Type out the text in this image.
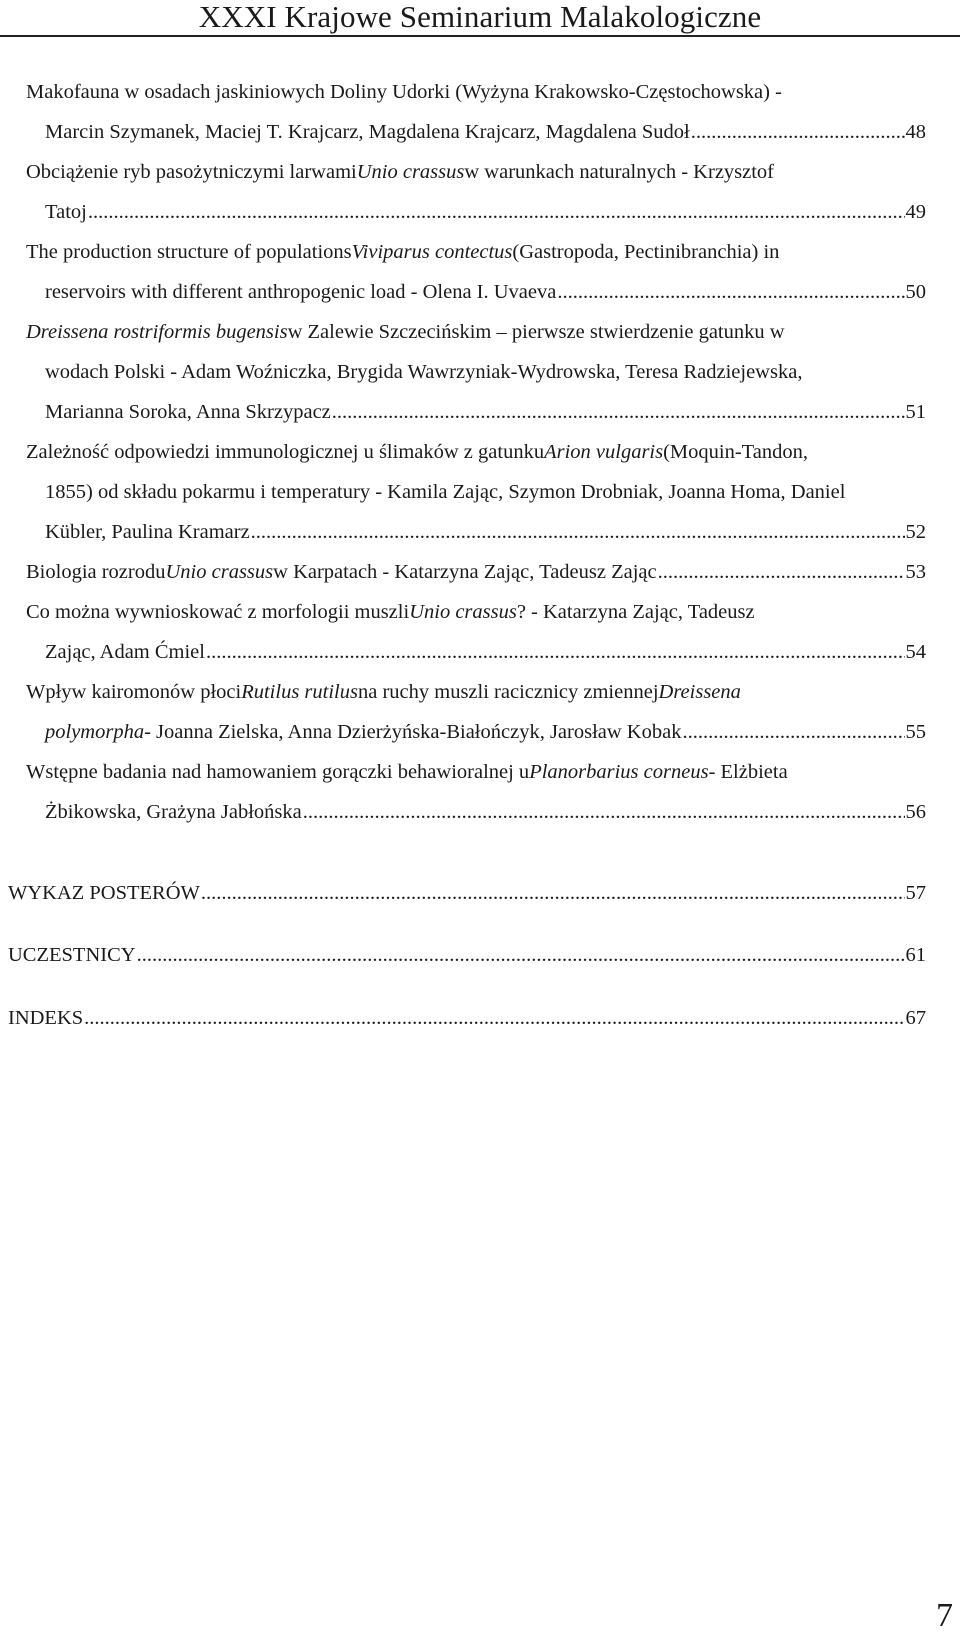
XXXI Krajowe Seminarium Malakologiczne
Makofauna w osadach jaskiniowych Doliny Udorki (Wyżyna Krakowsko-Częstochowska) -
Marcin Szymanek, Maciej T. Krajcarz, Magdalena Krajcarz, Magdalena Sudoł .....	48
Obciążenie ryb pasożytniczymi larwami Unio crassus w warunkach naturalnych - Krzysztof
Tatoj .....	49
The production structure of populations Viviparus contectus (Gastropoda, Pectinibranchia) in
reservoirs with different anthropogenic load - Olena I. Uvaeva .....	50
Dreissena rostriformis bugensis w Zalewie Szczecińskim – pierwsze stwierdzenie gatunku w
wodach Polski - Adam Woźniczka, Brygida Wawrzyniak-Wydrowska, Teresa Radziejewska,
Marianna Soroka, Anna Skrzypacz .....	51
Zależność odpowiedzi immunologicznej u ślimaków z gatunku Arion vulgaris (Moquin-Tandon,
1855) od składu pokarmu i temperatury - Kamila Zając, Szymon Drobniak, Joanna Homa, Daniel
Kübler, Paulina Kramarz .....	52
Biologia rozrodu Unio crassus w Karpatach - Katarzyna Zając, Tadeusz Zając .....	53
Co można wywnioskować z morfologii muszli Unio crassus ? - Katarzyna Zając, Tadeusz
Zając, Adam Ćmiel .....	54
Wpływ kairomonów płoci Rutilus rutilus na ruchy muszli racicznicy zmiennej Dreissena
polymorpha - Joanna Zielska, Anna Dzierżyńska-Białończyk, Jarosław Kobak .....	55
Wstępne badania nad hamowaniem gorączki behawioralnej u Planorbarius corneus - Elżbieta
Żbikowska, Grażyna Jabłońska .....	56
WYKAZ POSTERÓW .....	57
UCZESTNICY .....	61
INDEKS .....	67
7
